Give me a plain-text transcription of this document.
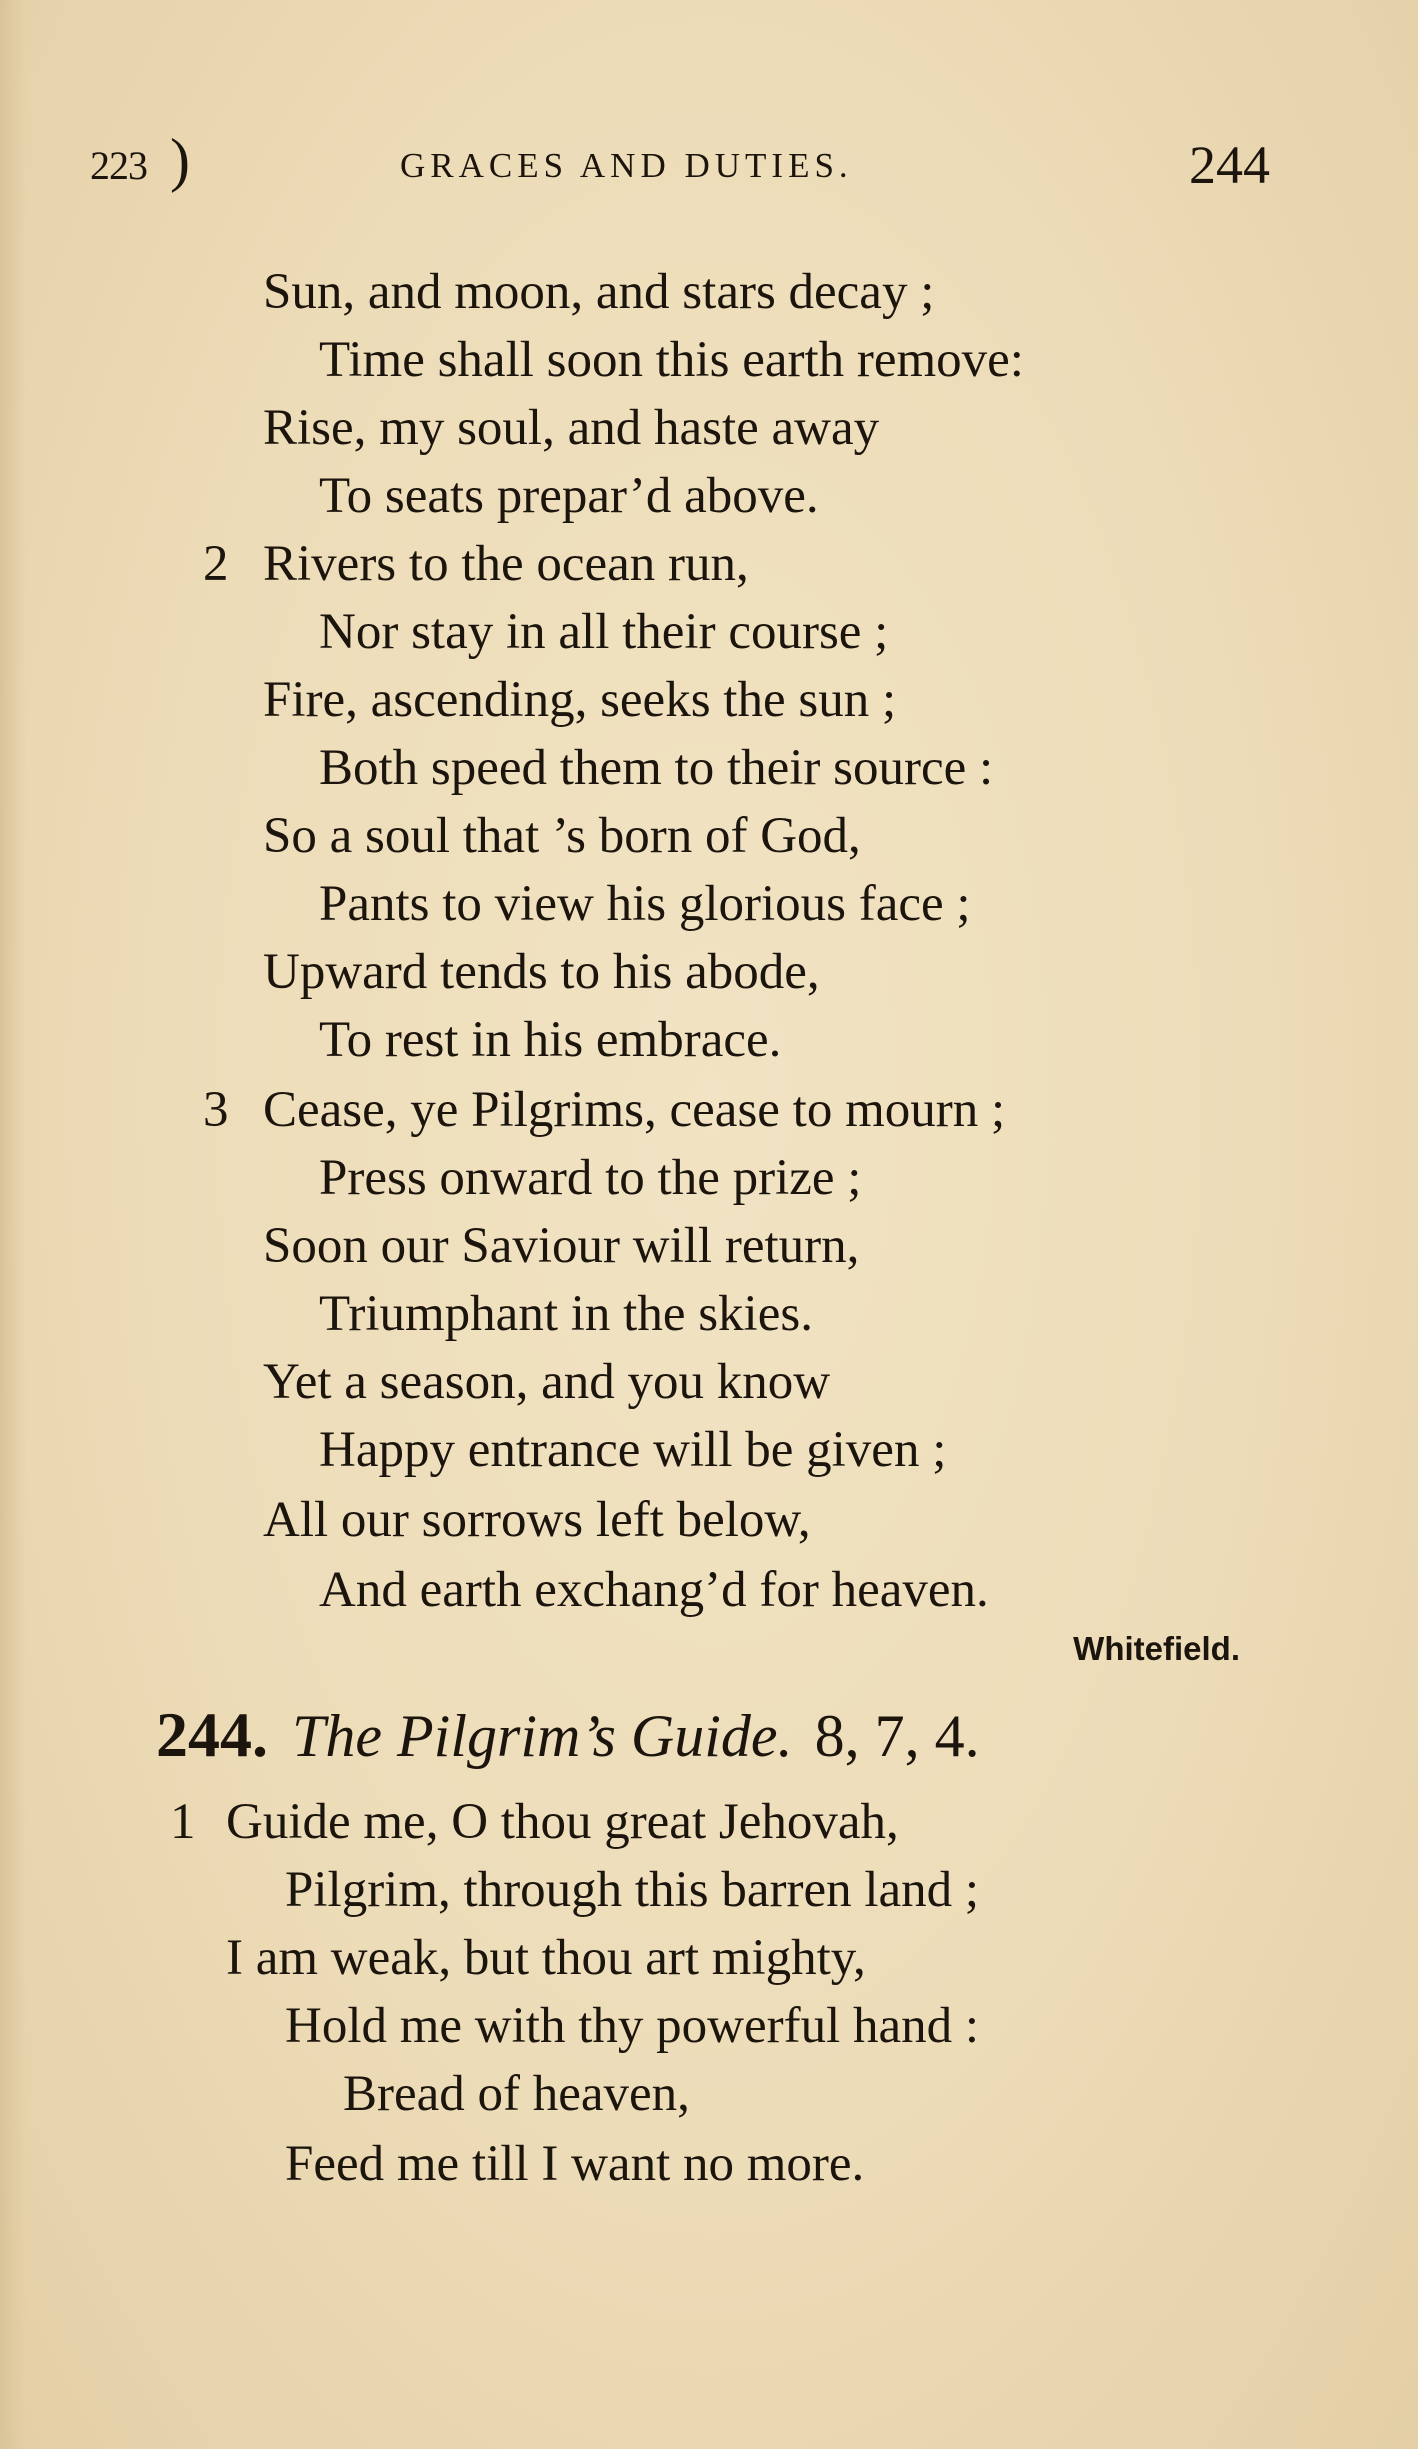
223 )	GRACES AND DUTIES.	244
Sun, and moon, and stars decay ;
Time shall soon this earth remove:
Rise, my soul, and haste away
To seats prepar’d above.
2 Rivers to the ocean run,
Nor stay in all their course ;
Fire, ascending, seeks the sun ;
Both speed them to their source :
So a soul that ’s born of God,
Pants to view his glorious face ;
Upward tends to his abode,
To rest in his embrace.
3 Cease, ye Pilgrims, cease to mourn ;
Press onward to the prize ;
Soon our Saviour will return,
Triumphant in the skies.
Yet a season, and you know
Happy entrance will be given ;
All our sorrows left below,
And earth exchang’d for heaven.
Whitefield.
244. The Pilgrim’s Guide. 8, 7, 4.
1 Guide me, O thou great Jehovah,
Pilgrim, through this barren land ;
I am weak, but thou art mighty,
Hold me with thy powerful hand :
Bread of heaven,
Feed me till I want no more.
